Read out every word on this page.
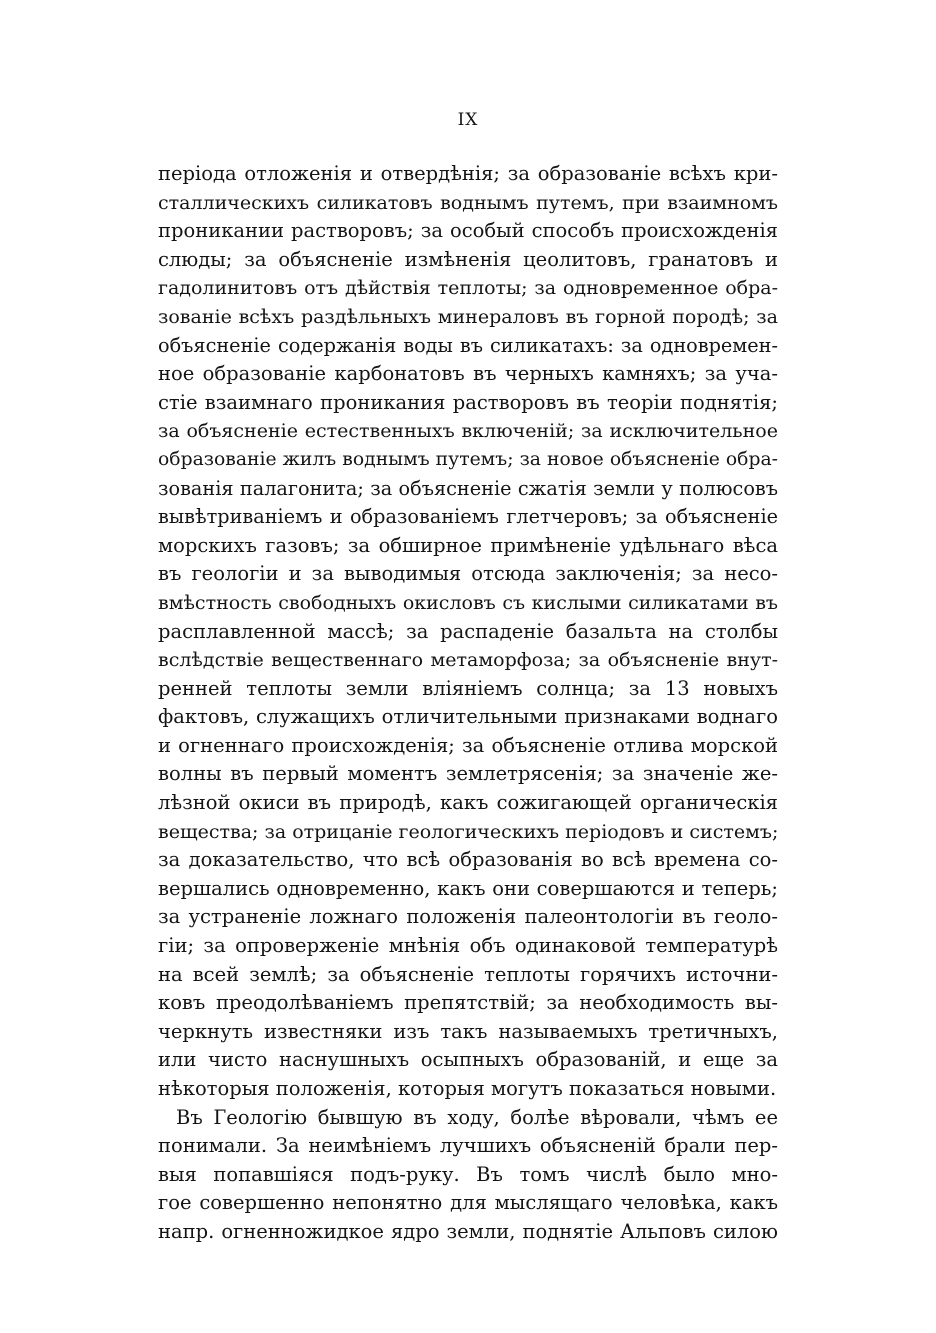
IX
періода отложенія и отвердѣнія; за образованіе всѣхъ кри-
сталлическихъ силикатовъ воднымъ путемъ, при взаимномъ
проникании растворовъ; за особый способъ происхожденія
слюды; за объясненіе измѣненія цеолитовъ, гранатовъ и
гадолинитовъ отъ дѣйствія теплоты; за одновременное обра-
зованіе всѣхъ раздѣльныхъ минераловъ въ горной породѣ; за
объясненіе содержанія воды въ силикатахъ: за одновремен-
ное образованіе карбонатовъ въ черныхъ камняхъ; за уча-
стіе взаимнаго проникания растворовъ въ теоріи поднятія;
за объясненіе естественныхъ включеній; за исключительное
образованіе жилъ воднымъ путемъ; за новое объясненіе обра-
зованія палагонита; за объясненіе сжатія земли у полюсовъ
вывѣтриваніемъ и образованіемъ глетчеровъ; за объясненіе
морскихъ газовъ; за обширное примѣненіе удѣльнаго вѣса
въ геологіи и за выводимыя отсюда заключенія; за несо-
вмѣстность свободныхъ окисловъ съ кислыми силикатами въ
расплавленной массѣ; за распаденіе базальта на столбы
вслѣдствіе вещественнаго метаморфоза; за объясненіе внут-
ренней теплоты земли вліяніемъ солнца; за 13 новыхъ
фактовъ, служащихъ отличительными признаками воднаго
и огненнаго происхожденія; за объясненіе отлива морской
волны въ первый моментъ землетрясенія; за значеніе же-
лѣзной окиси въ природѣ, какъ сожигающей органическія
вещества; за отрицаніе геологическихъ періодовъ и системъ;
за доказательство, что всѣ образованія во всѣ времена со-
вершались одновременно, какъ они совершаются и теперь;
за устраненіе ложнаго положенія палеонтологіи въ геоло-
гіи; за опроверженіе мнѣнія объ одинаковой температурѣ
на всей землѣ; за объясненіе теплоты горячихъ источни-
ковъ преодолѣваніемъ препятствій; за необходимость вы-
черкнуть известняки изъ такъ называемыхъ третичныхъ,
или чисто наснушныхъ осыпныхъ образованій, и еще за
нѣкоторыя положенія, которыя могутъ показаться новыми.
Въ Геологію бывшую въ ходу, болѣе вѣровали, чѣмъ ее
понимали. За неимѣніемъ лучшихъ объясненій брали пер-
выя попавшіяся подъ-руку. Въ томъ числѣ было мно-
гое совершенно непонятно для мыслящаго человѣка, какъ
напр. огненножидкое ядро земли, поднятіе Альповъ силою
